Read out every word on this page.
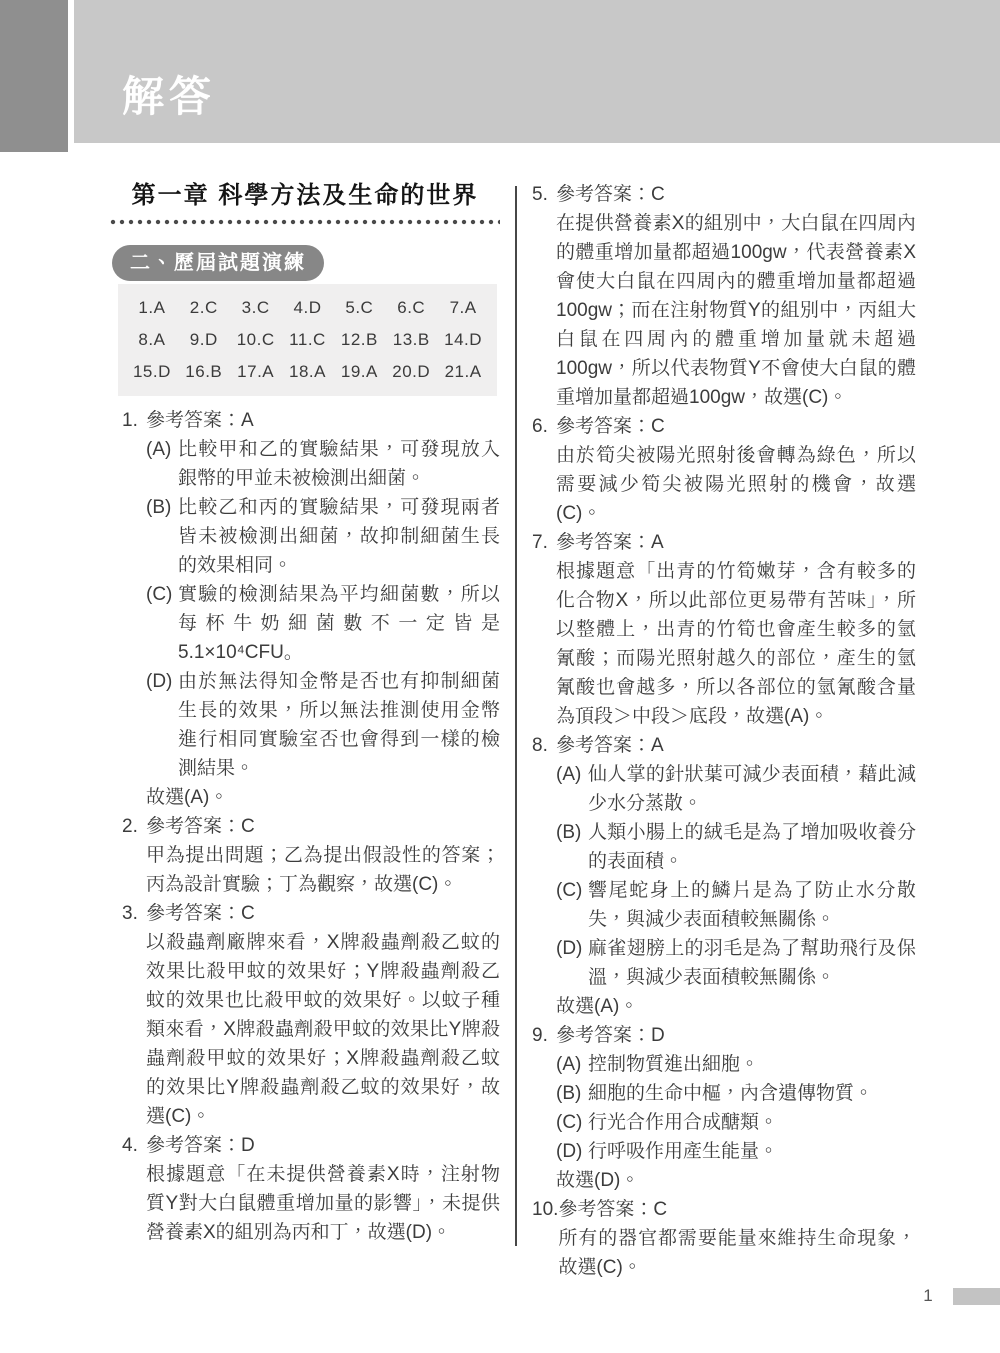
解答
第一章 科學方法及生命的世界
二、歷屆試題演練
1.A	2.C	3.C	4.D	5.C	6.C	7.A
8.A	9.D	10.C 11.C 12.B 13.B 14.D
15.D 16.B 17.A 18.A 19.A 20.D 21.A
1. 參考答案：A
(A) 比較甲和乙的實驗結果，可發現放入銀幣的甲並未被檢測出細菌。
(B) 比較乙和丙的實驗結果，可發現兩者皆未被檢測出細菌，故抑制細菌生長的效果相同。
(C) 實驗的檢測結果為平均細菌數，所以每杯牛奶細菌數不一定皆是5.1×10⁴CFU。
(D) 由於無法得知金幣是否也有抑制細菌生長的效果，所以無法推測使用金幣進行相同實驗室否也會得到一樣的檢測結果。
故選(A)。
2. 參考答案：C
甲為提出問題；乙為提出假設性的答案；丙為設計實驗；丁為觀察，故選(C)。
3. 參考答案：C
以殺蟲劑廠牌來看，X牌殺蟲劑殺乙蚊的效果比殺甲蚊的效果好；Y牌殺蟲劑殺乙蚊的效果也比殺甲蚊的效果好。以蚊子種類來看，X牌殺蟲劑殺甲蚊的效果比Y牌殺蟲劑殺甲蚊的效果好；X牌殺蟲劑殺乙蚊的效果比Y牌殺蟲劑殺乙蚊的效果好，故選(C)。
4. 參考答案：D
根據題意「在未提供營養素X時，注射物質Y對大白鼠體重增加量的影響」，未提供營養素X的組別為丙和丁，故選(D)。
5. 參考答案：C
在提供營養素X的組別中，大白鼠在四周內的體重增加量都超過100gw，代表營養素X會使大白鼠在四周內的體重增加量都超過100gw；而在注射物質Y的組別中，丙組大白鼠在四周內的體重增加量就未超過100gw，所以代表物質Y不會使大白鼠的體重增加量都超過100gw，故選(C)。
6. 參考答案：C
由於筍尖被陽光照射後會轉為綠色，所以需要減少筍尖被陽光照射的機會，故選(C)。
7. 參考答案：A
根據題意「出青的竹筍嫩芽，含有較多的化合物X，所以此部位更易帶有苦味」，所以整體上，出青的竹筍也會產生較多的氫氰酸；而陽光照射越久的部位，產生的氫氰酸也會越多，所以各部位的氫氰酸含量為頂段＞中段＞底段，故選(A)。
8. 參考答案：A
(A) 仙人掌的針狀葉可減少表面積，藉此減少水分蒸散。
(B) 人類小腸上的絨毛是為了增加吸收養分的表面積。
(C) 響尾蛇身上的鱗片是為了防止水分散失，與減少表面積較無關係。
(D) 麻雀翅膀上的羽毛是為了幫助飛行及保溫，與減少表面積較無關係。
故選(A)。
9. 參考答案：D
(A) 控制物質進出細胞。
(B) 細胞的生命中樞，內含遺傳物質。
(C) 行光合作用合成醣類。
(D) 行呼吸作用產生能量。
故選(D)。
10. 參考答案：C
所有的器官都需要能量來維持生命現象，故選(C)。
1
